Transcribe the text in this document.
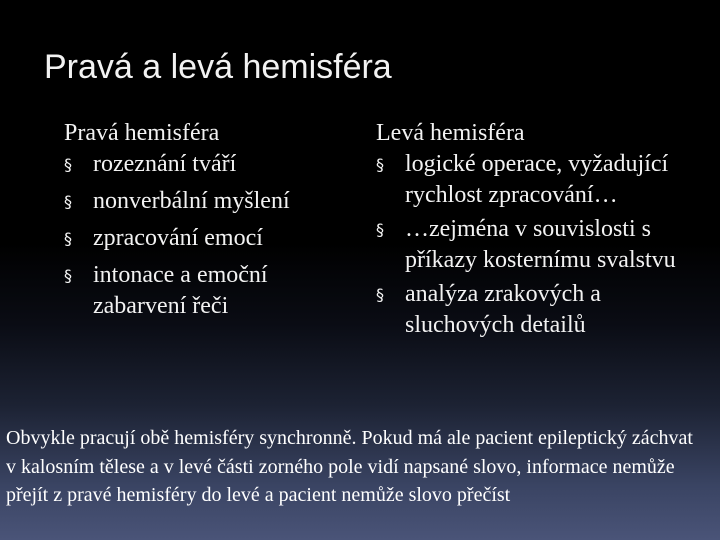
Pravá a levá hemisféra

Pravá hemisféra

§ rozeznání tváří
§ nonverbální myšlení
§ zpracování emocí
§ intonace a emoční zabarvení řeči

Levá hemisféra

§ logické operace, vyžadující rychlost zpracování…
§ …zejména v souvislosti s příkazy kosternímu svalstvu
§ analýza zrakových a sluchových detailů
Obvykle pracují obě hemisféry synchronně. Pokud má ale pacient epileptický záchvat v kalosním tělese a v levé části zorného pole vidí napsané slovo, informace nemůže přejít z pravé hemisféry do levé a pacient nemůže slovo přečíst
